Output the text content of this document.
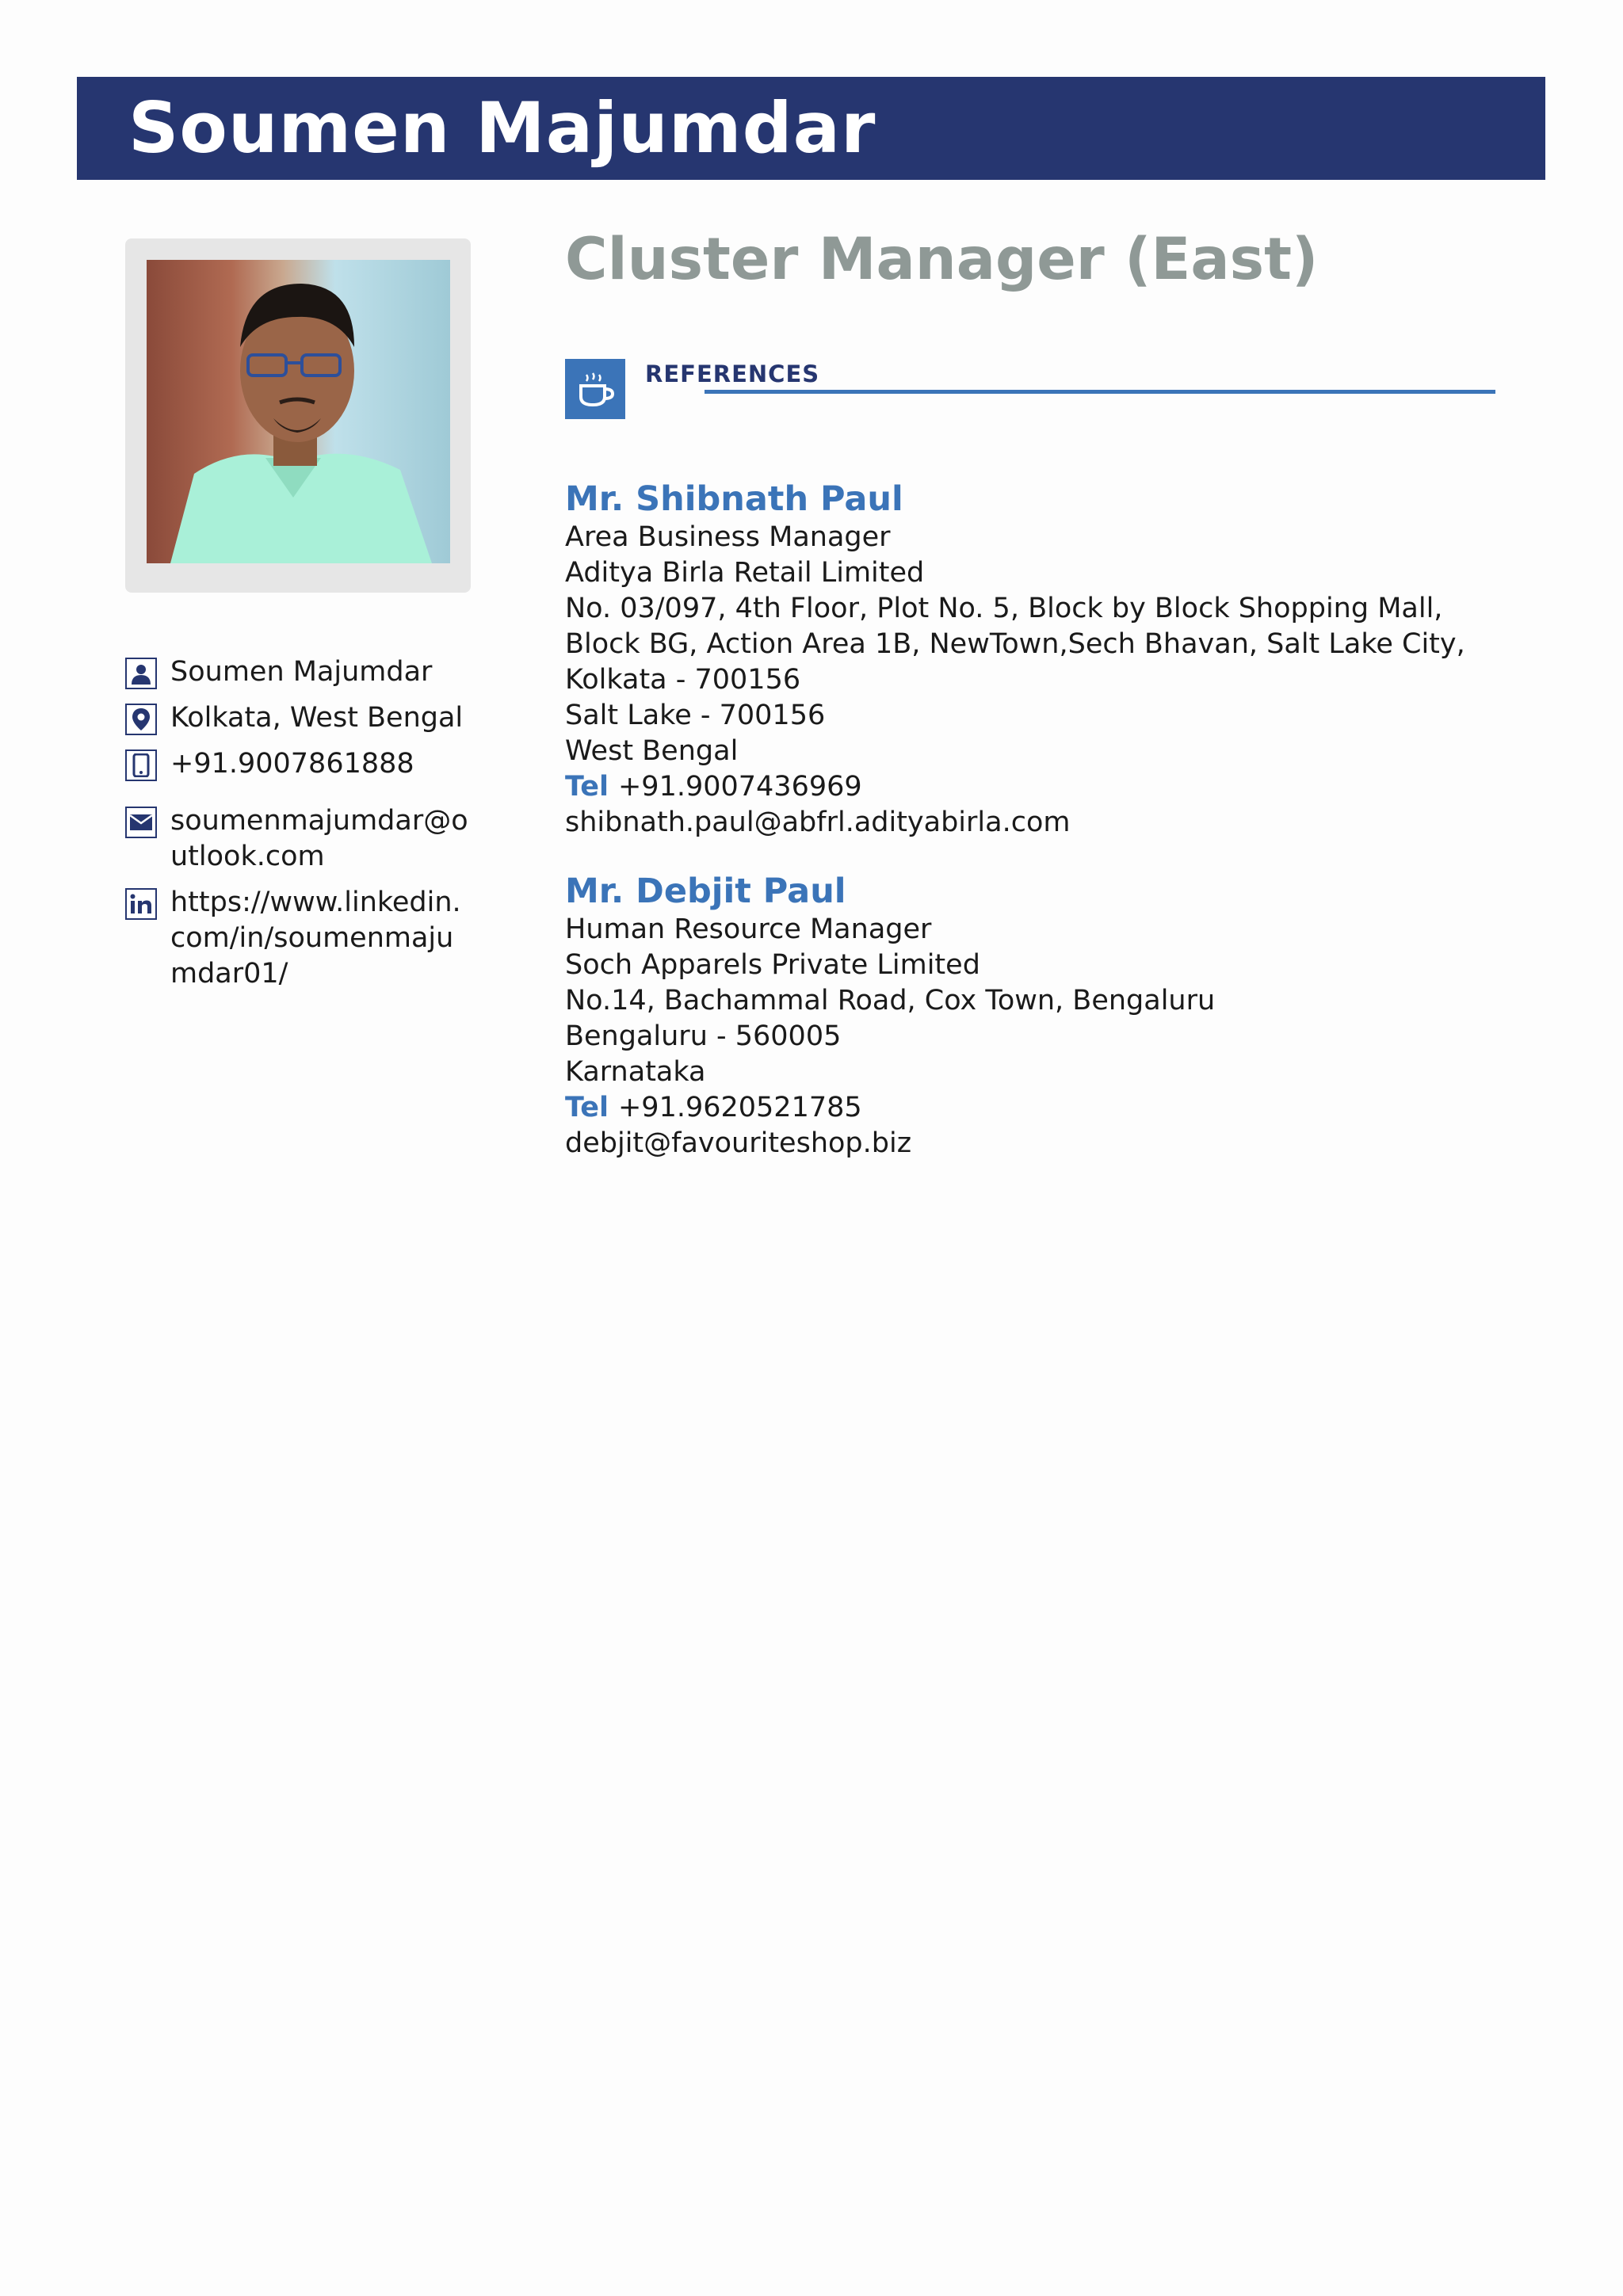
Soumen Majumdar
Soumen Majumdar
Kolkata, West Bengal
+91.9007861888
soumenmajumdar@outlook.com
https://www.linkedin.com/in/soumenmajumdar01/
Cluster Manager (East)
REFERENCES
Mr. Shibnath Paul
Area Business Manager
Aditya Birla Retail Limited
No. 03/097, 4th Floor, Plot No. 5, Block by Block Shopping Mall,
Block BG, Action Area 1B, NewTown,Sech Bhavan, Salt Lake City,
Kolkata - 700156
Salt Lake - 700156
West Bengal
Tel +91.9007436969
shibnath.paul@abfrl.adityabirla.com
Mr. Debjit Paul
Human Resource Manager
Soch Apparels Private Limited
No.14, Bachammal Road, Cox Town, Bengaluru
Bengaluru - 560005
Karnataka
Tel +91.9620521785
debjit@favouriteshop.biz
